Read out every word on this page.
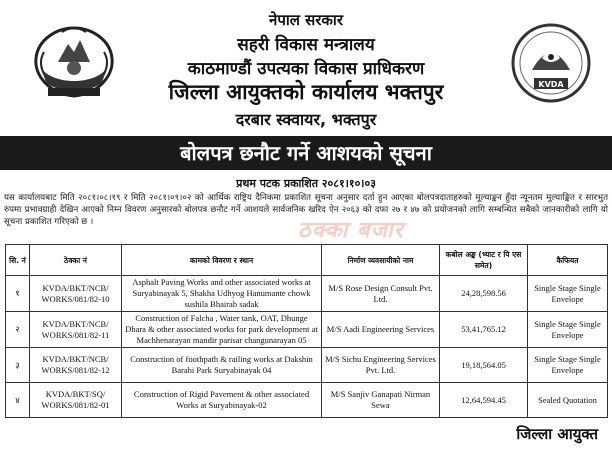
नेपाल सरकार
सहरी विकास मन्त्रालय
काठमाण्डौं उपत्यका विकास प्राधिकरण
जिल्ला आयुक्तको कार्यालय भक्तपुर
दरबार स्क्वायर, भक्तपुर
KVDA
बोलपत्र छनौट गर्ने आशयको सूचना
प्रथम पटक प्रकाशित २०८१।१०।०३
यस कार्यालयबाट मिति २०८१।०८।१९ र मिति २०८१।०९।०२ को आर्थिक राष्ट्रिय दैनिकमा प्रकाशित सूचना अनुसार दर्ता हुन आएका बोलपत्रदाताहरुको मूल्याङ्कन हुँदा न्यूनतम मूल्याङ्कित र सारभुत रुपमा प्रभावग्राही देखिन आएको निम्न विवरण अनुसारको बोलपत्र छनौट गर्ने आशयले सार्वजनिक खरिद ऐन २०६३ को दफा २७ र ४७ को प्रयोजनको लागि सम्बन्धित सबैको जानकारीको लागि यो सूचना प्रकाशित गरिएको छ ।	ठक्का बजार
सि. नं	ठेक्का नं	कामको विवरण र स्थान	निर्माण व्यवसायीको नाम	कबोल अङ्क (भ्याट र पि एस समेत)	कैफियत
१	KVDA/BKT/NCB/ WORKS/081/82-10	Asphalt Paving Works and other associated works at Suryabinayak 5, Shakha Udhyog Hanumante chowk sushila Bhairab sadak	M/S Rose Design Consult Pvt. Ltd.	24,28,598.56	Single Stage Single Envelope
२	KVDA/BKT/NCB/ WORKS/081/82-11	Construction of Falcha , Water tank, OAT, Dhunge Dhara & other associated works for park development at Machhenarayan mandir parisar changunarayan 05	M/S Aadi Engineering Services	53,41,765.12	Single Stage Single Envelope
३	KVDA/BKT/NCB/ WORKS/081/82-12	Construction of foothpath & railing works at Dakshin Barahi Park Suryabinayak 04	M/S Sichu Engineering Services Pvt. Ltd.	19,18,564.05	Single Stage Single Envelope
४	KVDA/BKT/SQ/ WORKS/081/82-01	Construction of Rigid Pavement & other associated Works at Suryabinayak-02	M/S Sanjiv Ganapati Nirman Sewa	12,64,594.45	Sealed Quotation
जिल्ला आयुक्त
